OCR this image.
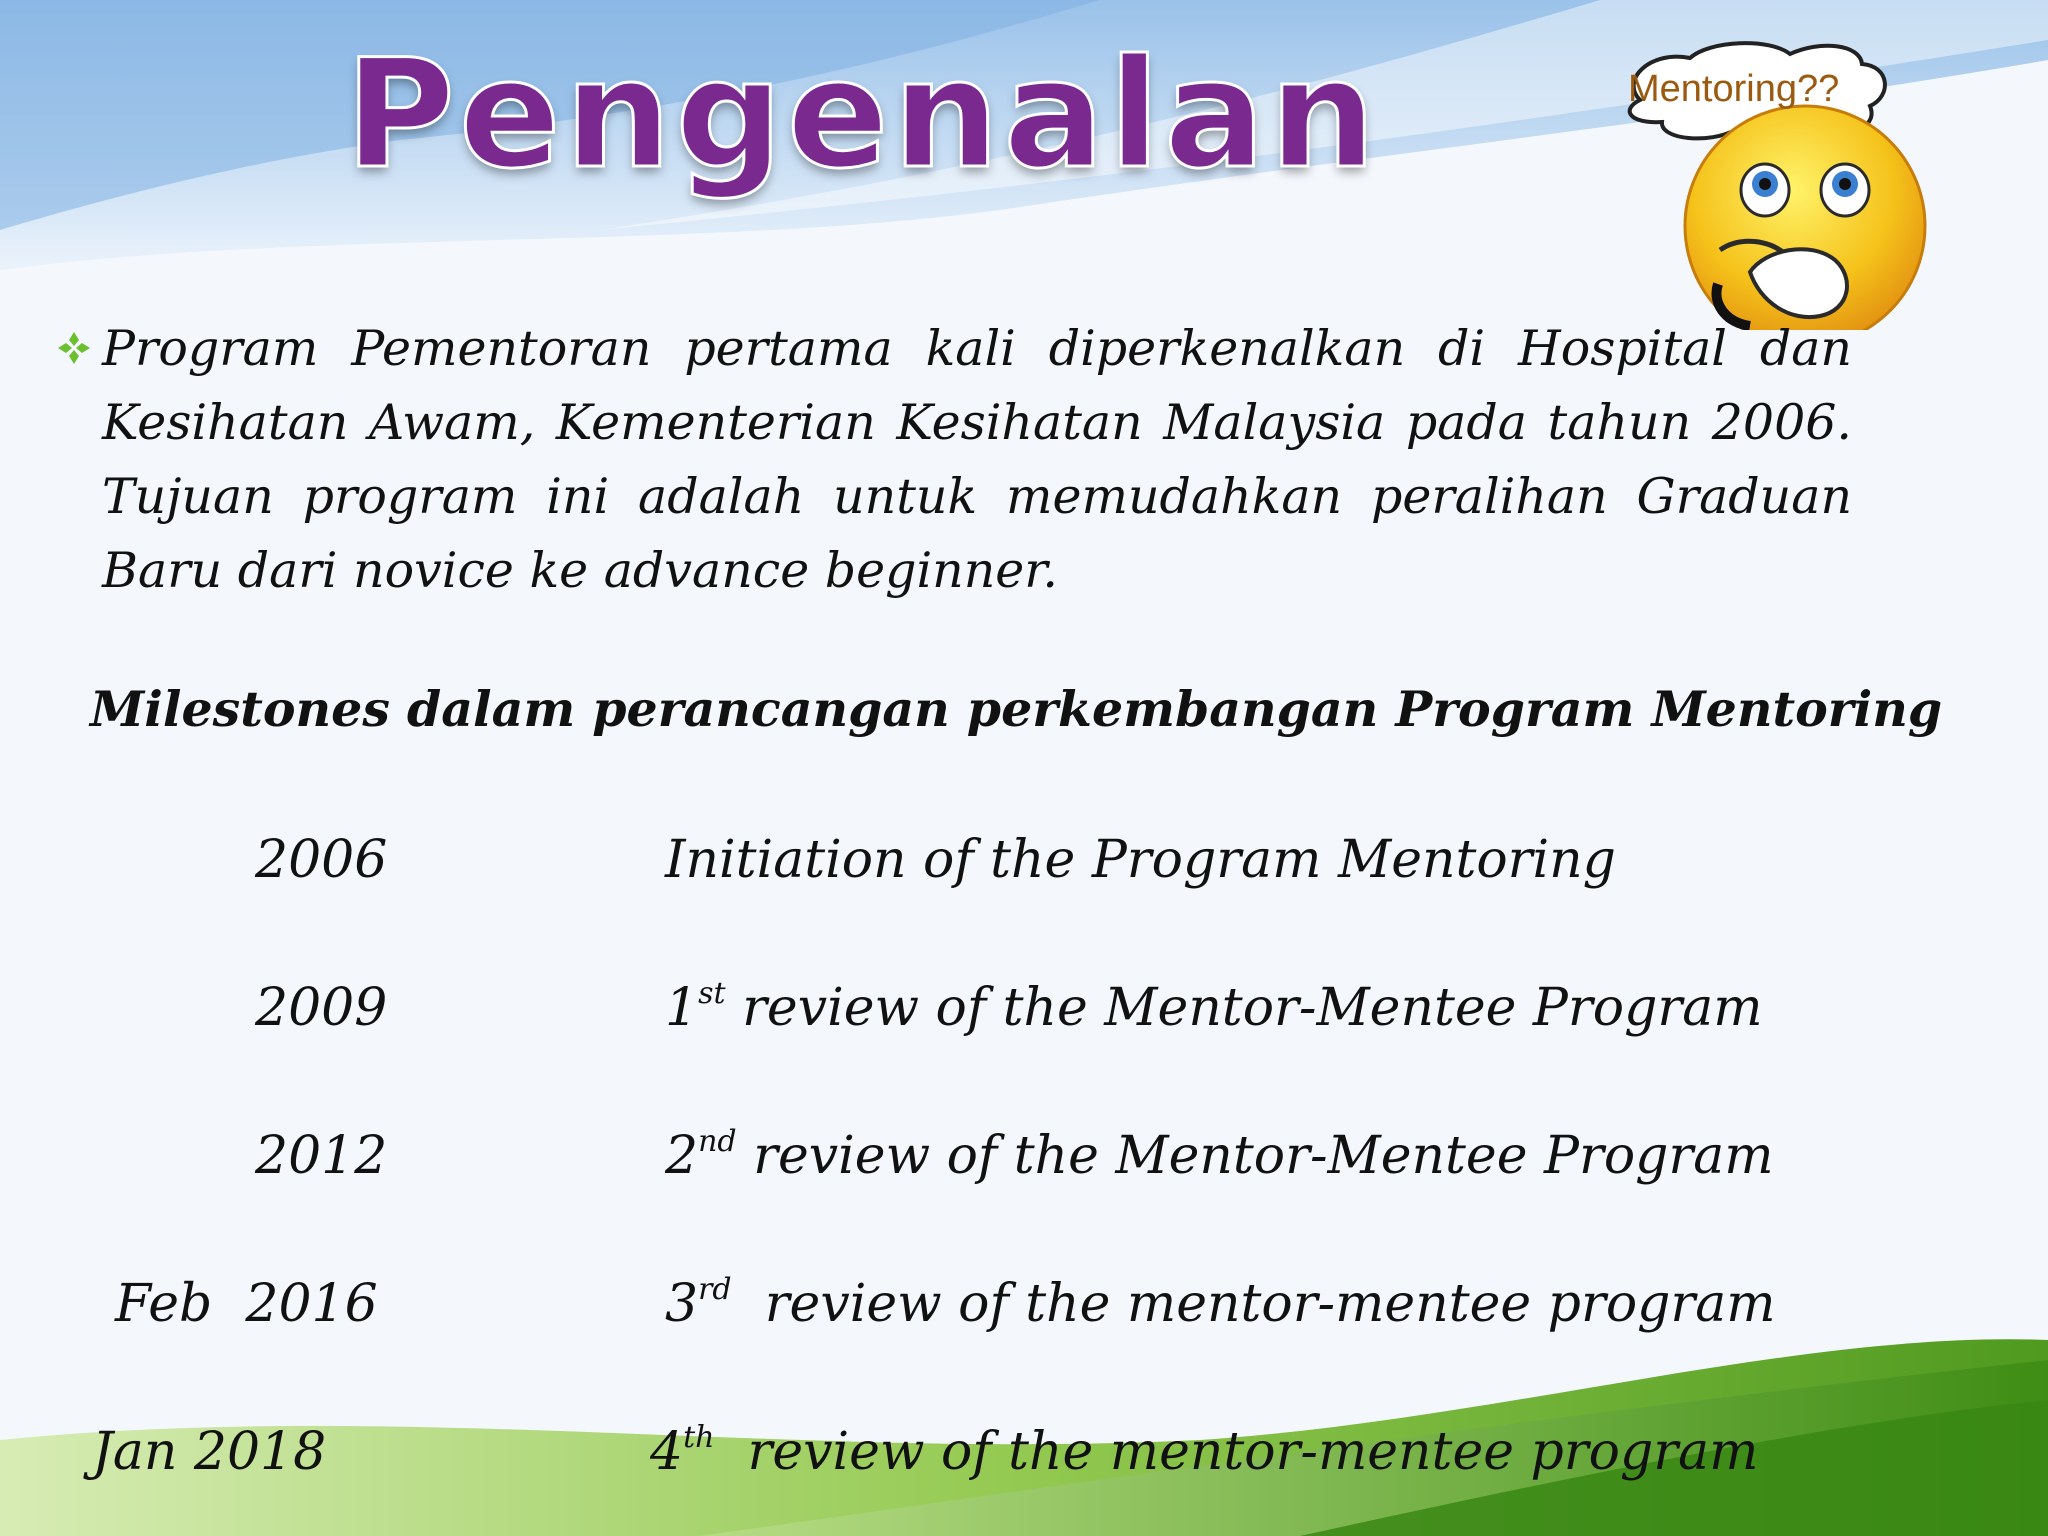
Pengenalan	Mentoring??

Program Pementoran pertama kali diperkenalkan di Hospital dan Kesihatan Awam, Kementerian Kesihatan Malaysia pada tahun 2006. Tujuan program ini adalah untuk memudahkan peralihan Graduan Baru dari novice ke advance beginner.

Milestones dalam perancangan perkembangan Program Mentoring
2006	Initiation of the Program Mentoring
2009	1st review of the Mentor-Mentee Program
2012	2nd review of the Mentor-Mentee Program
Feb  2016	3rd  review of the mentor-mentee program
Jan 2018	4th  review of the mentor-mentee program
